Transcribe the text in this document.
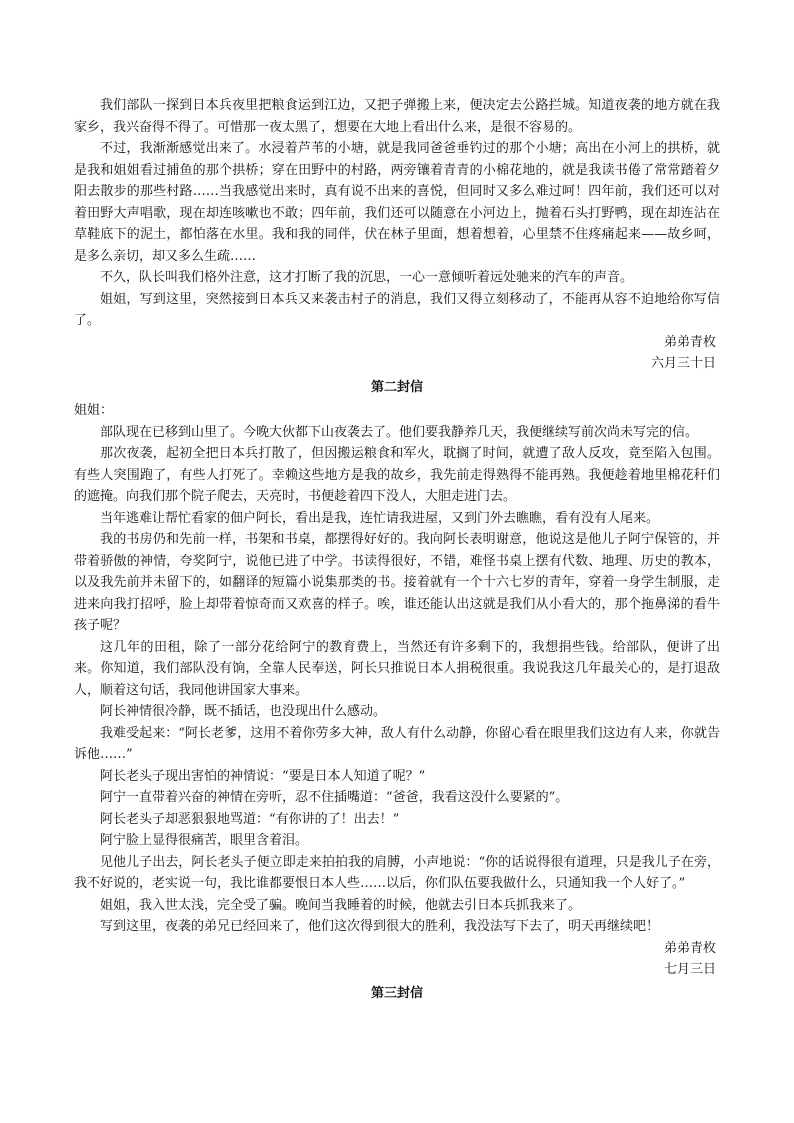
我们部队一探到日本兵夜里把粮食运到江边，又把子弹搬上来，便决定去公路拦城。知道夜袭的地方就在我家乡，我兴奋得不得了。可惜那一夜太黑了，想要在大地上看出什么来，是很不容易的。

不过，我渐渐感觉出来了。水浸着芦苇的小塘，就是我同爸爸垂钓过的那个小塘；高出在小河上的拱桥，就是我和姐姐看过捕鱼的那个拱桥；穿在田野中的村路，两旁镶着青青的小棉花地的，就是我读书倦了常常踏着夕阳去散步的那些村路……当我感觉出来时，真有说不出来的喜悦，但同时又多么难过呵！四年前，我们还可以对着田野大声唱歌，现在却连咳嗽也不敢；四年前，我们还可以随意在小河边上，抛着石头打野鸭，现在却连沾在草鞋底下的泥土，都怕落在水里。我和我的同伴，伏在林子里面，想着想着，心里禁不住疼痛起来——故乡呵，是多么亲切，却又多么生疏……

不久，队长叫我们格外注意，这才打断了我的沉思，一心一意倾听着远处驰来的汽车的声音。

姐姐，写到这里，突然接到日本兵又来袭击村子的消息，我们又得立刻移动了，不能再从容不迫地给你写信了。

弟弟青枚

六月三十日

第二封信

姐姐：

部队现在已移到山里了。今晚大伙都下山夜袭去了。他们要我静养几天，我便继续写前次尚未写完的信。

那次夜袭，起初全把日本兵打散了，但因搬运粮食和军火，耽搁了时间，就遭了敌人反攻，竟至陷入包围。有些人突围跑了，有些人打死了。幸赖这些地方是我的故乡，我先前走得熟得不能再熟。我便趁着地里棉花秆们的遮掩。向我们那个院子爬去，天亮时，书便趁着四下没人，大胆走进门去。

当年逃难让帮忙看家的佃户阿长，看出是我，连忙请我进屋，又到门外去瞧瞧，看有没有人尾来。

我的书房仍和先前一样，书架和书桌，都摆得好好的。我向阿长表明谢意，他说这是他儿子阿宁保管的，并带着骄傲的神情，夸奖阿宁，说他已进了中学。书读得很好，不错，难怪书桌上摆有代数、地理、历史的教本，以及我先前并未留下的，如翻译的短篇小说集那类的书。接着就有一个十六七岁的青年，穿着一身学生制服，走进来向我打招呼，脸上却带着惊奇而又欢喜的样子。唉，谁还能认出这就是我们从小看大的，那个拖鼻涕的看牛孩子呢？

这几年的田租，除了一部分花给阿宁的教育费上，当然还有许多剩下的，我想捐些钱。给部队，便讲了出来。你知道，我们部队没有饷，全靠人民奉送，阿长只推说日本人捐税很重。我说我这几年最关心的，是打退敌人，顺着这句话，我同他讲国家大事来。

阿长神情很冷静，既不插话，也没现出什么感动。

我难受起来：“阿长老爹，这用不着你劳多大神，敌人有什么动静，你留心看在眼里我们这边有人来，你就告诉他……”

阿长老头子现出害怕的神情说：“要是日本人知道了呢？”

阿宁一直带着兴奋的神情在旁听，忍不住插嘴道：“爸爸，我看这没什么要紧的”。

阿长老头子却恶狠狠地骂道：“有你讲的了！出去！”

阿宁脸上显得很痛苦，眼里含着泪。

见他儿子出去，阿长老头子便立即走来拍拍我的肩膊，小声地说：“你的话说得很有道理，只是我儿子在旁，我不好说的，老实说一句，我比谁都要恨日本人些……以后，你们队伍要我做什么，只通知我一个人好了。”

姐姐，我入世太浅，完全受了骗。晚间当我睡着的时候，他就去引日本兵抓我来了。

写到这里，夜袭的弟兄已经回来了，他们这次得到很大的胜利，我没法写下去了，明天再继续吧！

弟弟青枚

七月三日

第三封信
